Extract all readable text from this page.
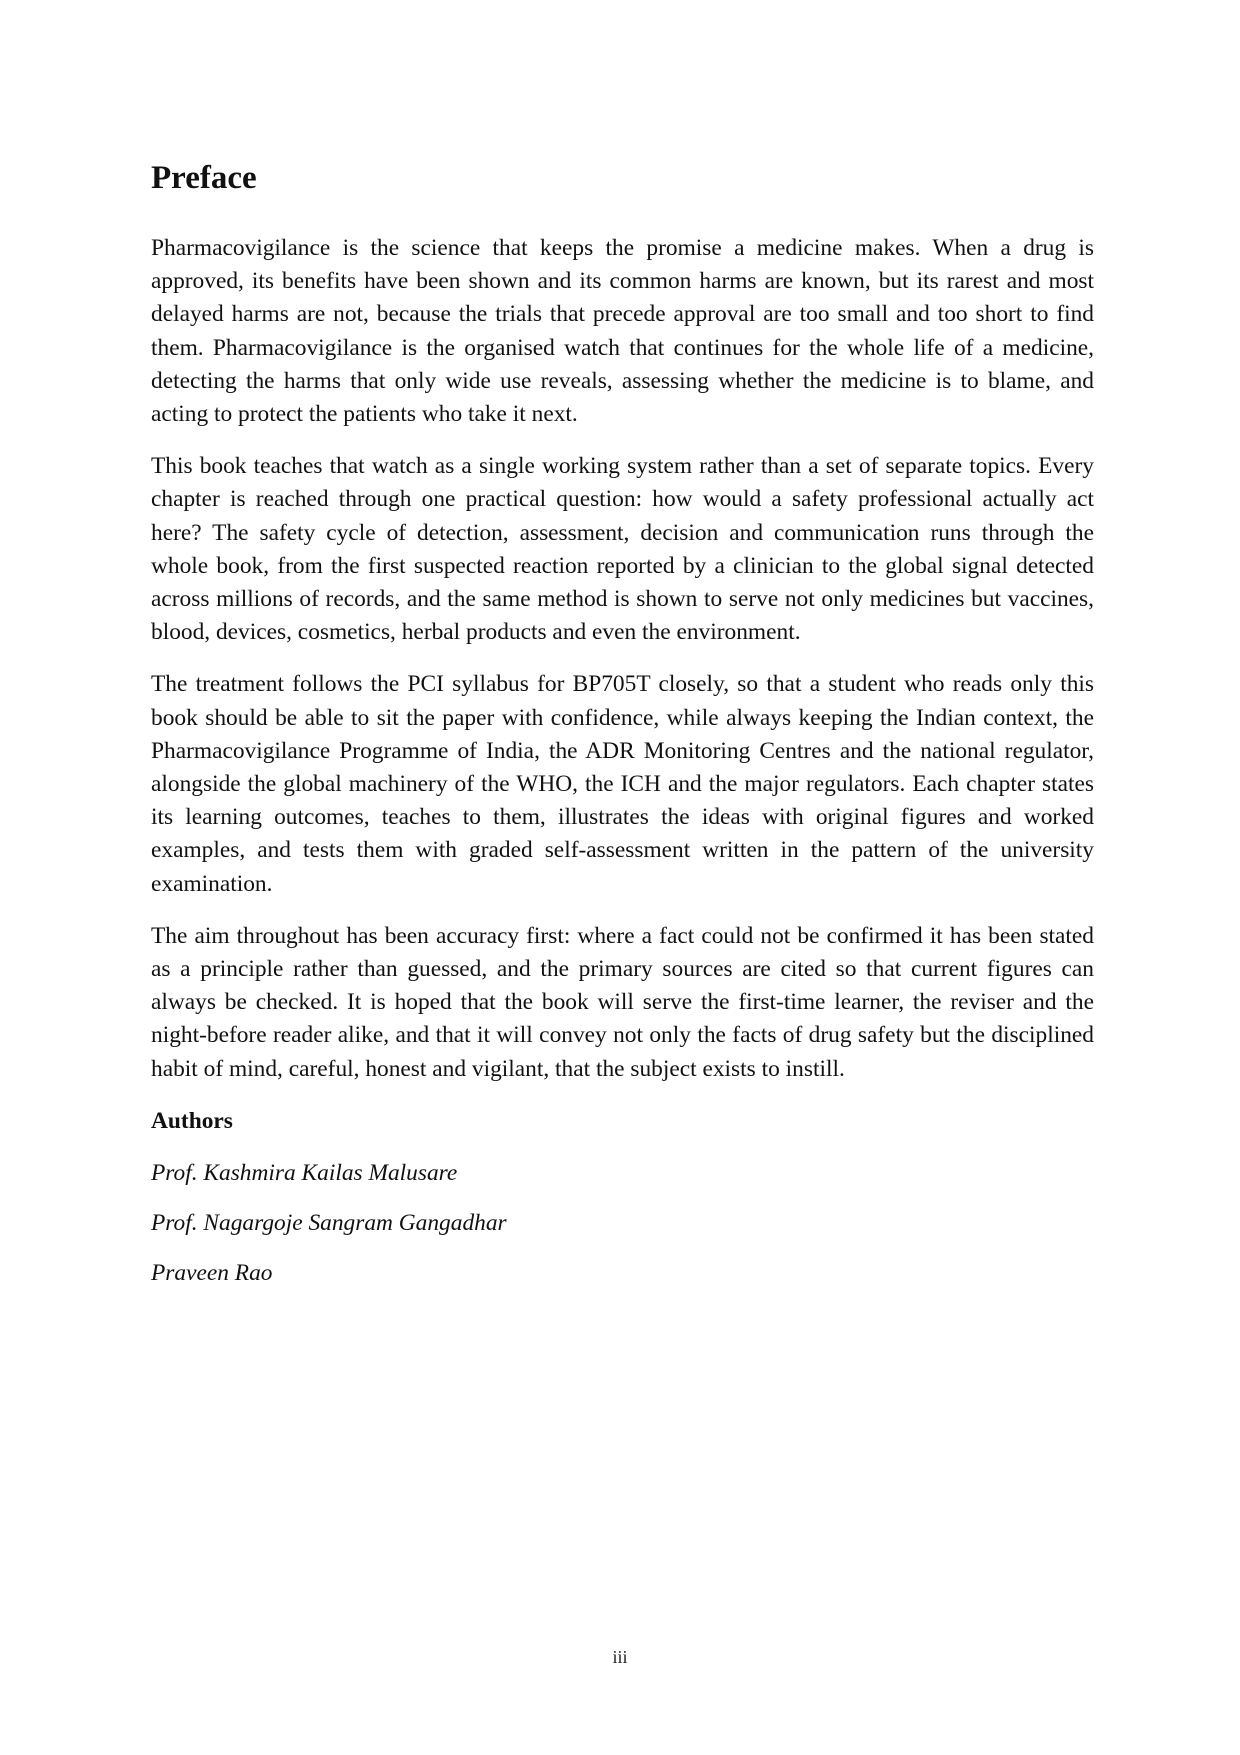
Preface

Pharmacovigilance is the science that keeps the promise a medicine makes. When a drug is approved, its benefits have been shown and its common harms are known, but its rarest and most delayed harms are not, because the trials that precede approval are too small and too short to find them. Pharmacovigilance is the organised watch that continues for the whole life of a medicine, detecting the harms that only wide use reveals, assessing whether the medicine is to blame, and acting to protect the patients who take it next.

This book teaches that watch as a single working system rather than a set of separate topics. Every chapter is reached through one practical question: how would a safety professional actually act here? The safety cycle of detection, assessment, decision and communication runs through the whole book, from the first suspected reaction reported by a clinician to the global signal detected across millions of records, and the same method is shown to serve not only medicines but vaccines, blood, devices, cosmetics, herbal products and even the environment.

The treatment follows the PCI syllabus for BP705T closely, so that a student who reads only this book should be able to sit the paper with confidence, while always keeping the Indian context, the Pharmacovigilance Programme of India, the ADR Monitoring Centres and the national regulator, alongside the global machinery of the WHO, the ICH and the major regulators. Each chapter states its learning outcomes, teaches to them, illustrates the ideas with original figures and worked examples, and tests them with graded self-assessment written in the pattern of the university examination.

The aim throughout has been accuracy first: where a fact could not be confirmed it has been stated as a principle rather than guessed, and the primary sources are cited so that current figures can always be checked. It is hoped that the book will serve the first-time learner, the reviser and the night-before reader alike, and that it will convey not only the facts of drug safety but the disciplined habit of mind, careful, honest and vigilant, that the subject exists to instill.

Authors
Prof. Kashmira Kailas Malusare
Prof. Nagargoje Sangram Gangadhar
Praveen Rao
iii
